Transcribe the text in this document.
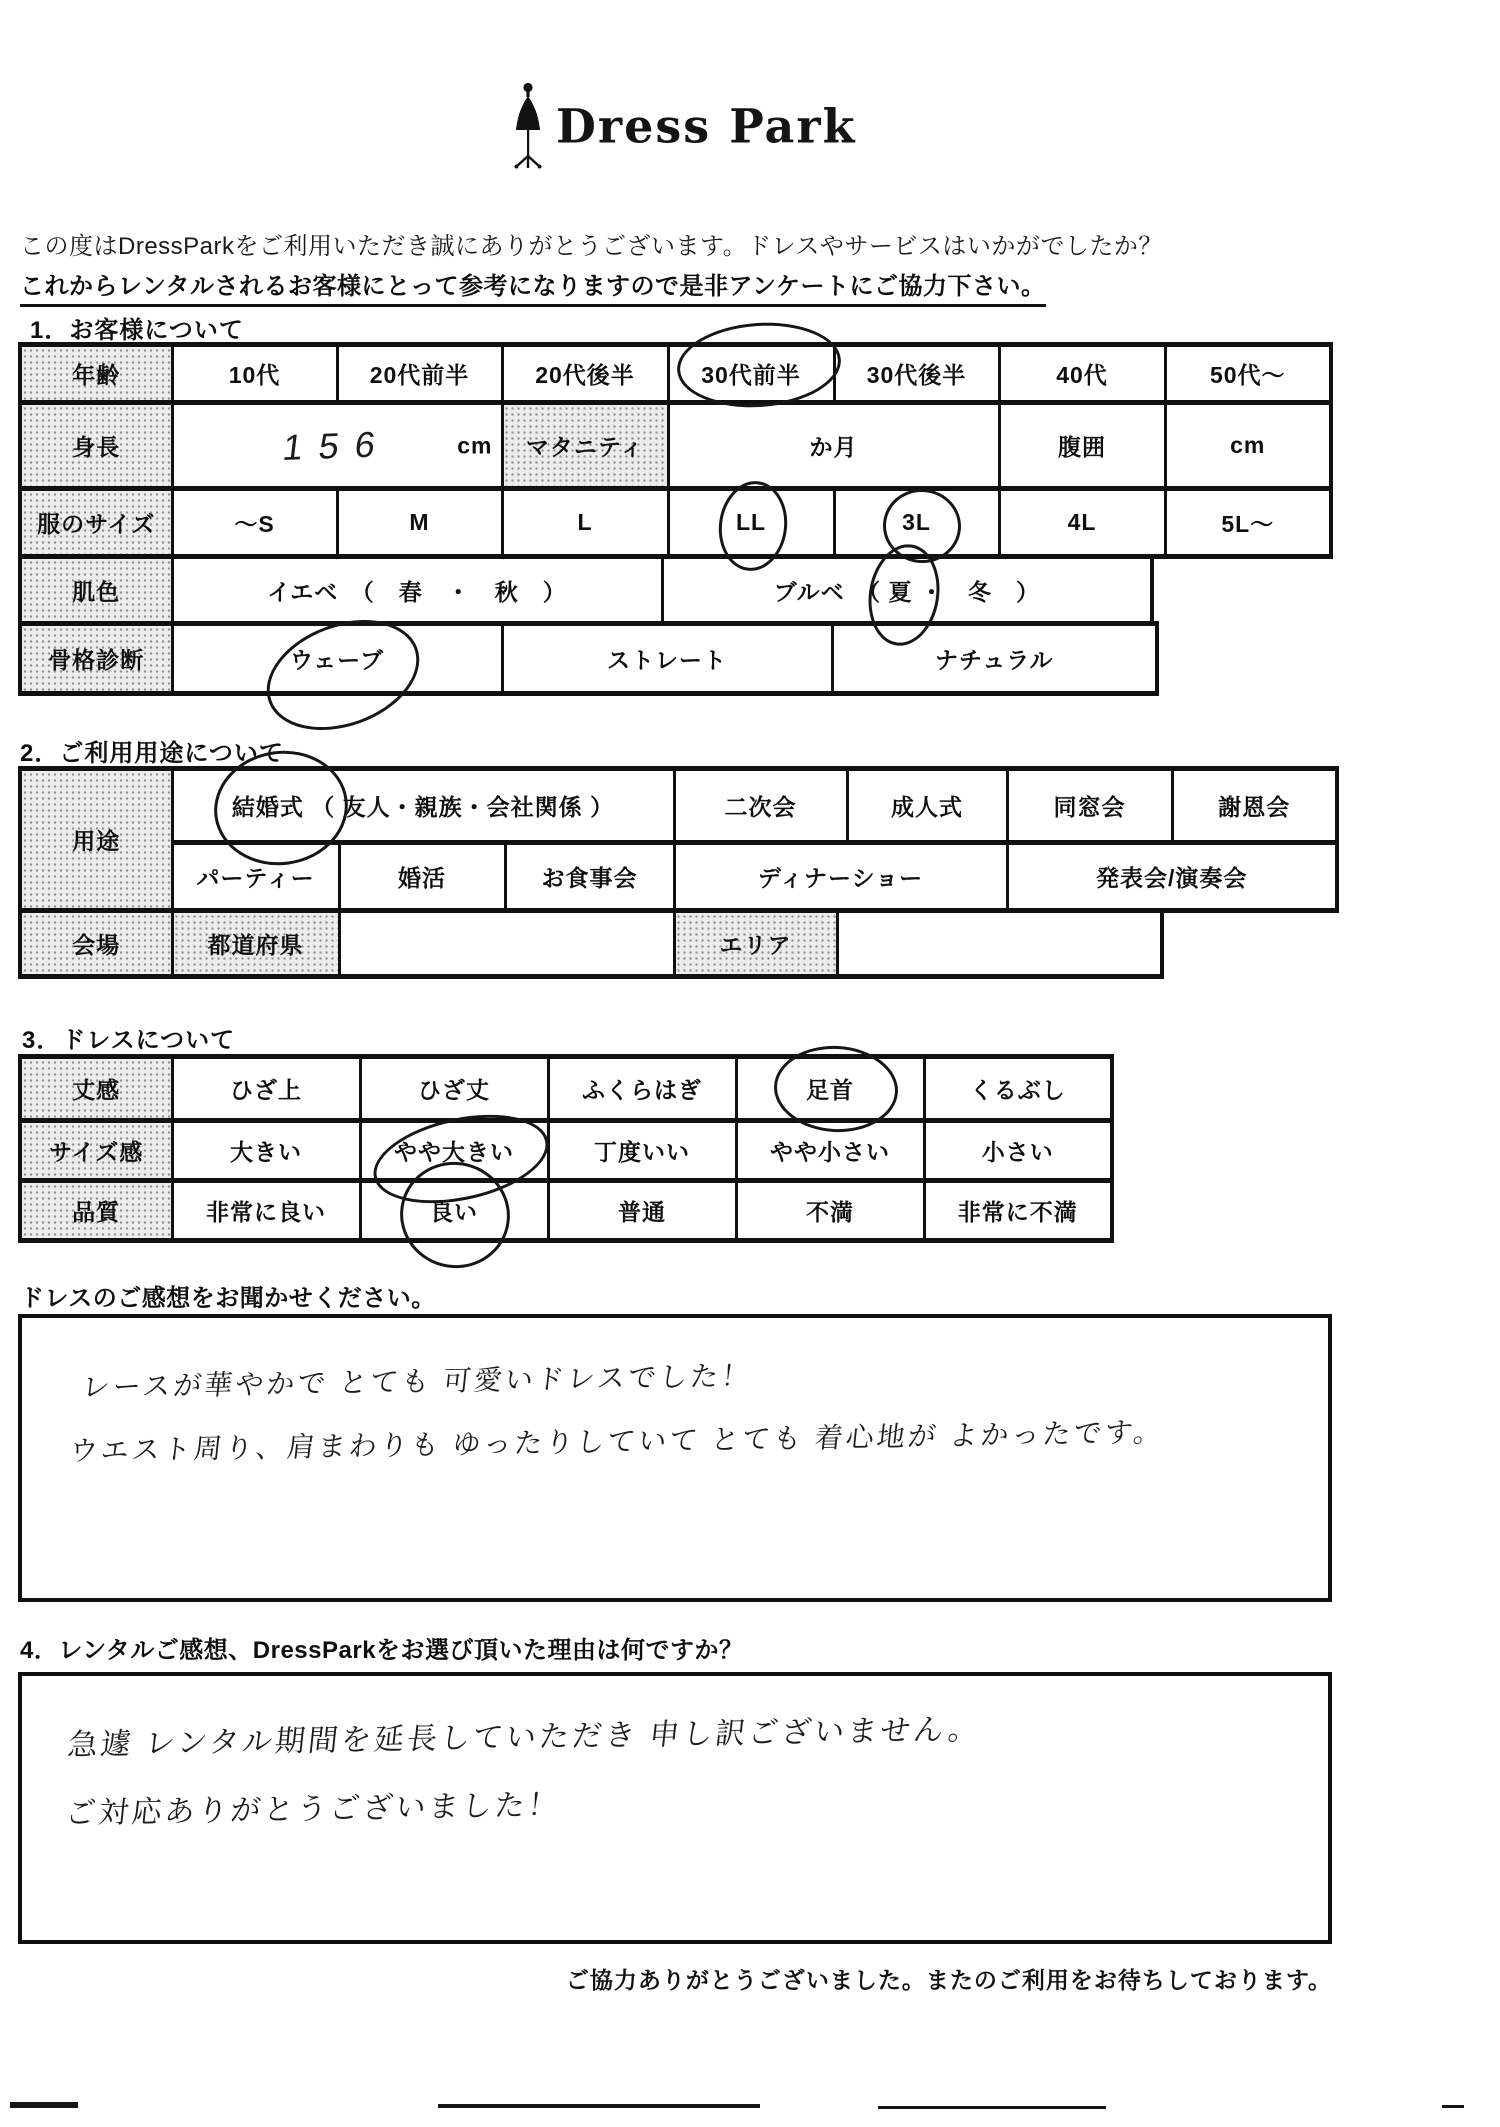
Dress Park
この度はDressParkをご利用いただき誠にありがとうございます。ドレスやサービスはいかがでしたか？
これからレンタルされるお客様にとって参考になりますので是非アンケートにご協力下さい。
1．お客様について
年齢	10代	20代前半	20代後半	30代前半	30代後半	40代	50代～
身長	156 cm		マタニティ	か月		腹囲	cm
服のサイズ	～S	M	L	LL	3L	4L	5L～
肌色	イエベ　（　春　・　秋　）	ブルベ　（ 夏 ・　冬　）
骨格診断	ウェーブ	ストレート	ナチュラル
2．ご利用用途について
用途	結婚式 （ 友人・親族・会社関係 ）			二次会	成人式	同窓会	謝恩会
	パーティー	婚活	お食事会	ディナーショー		発表会/演奏会	
会場	都道府県		エリア	
3．ドレスについて
丈感	ひざ上	ひざ丈	ふくらはぎ	足首	くるぶし
サイズ感	大きい	やや大きい	丁度いい	やや小さい	小さい
品質	非常に良い	良い	普通	不満	非常に不満
ドレスのご感想をお聞かせください。
レースが華やかで とても 可愛いドレスでした！
ウエスト周り、肩まわりも ゆったりしていて とても 着心地が よかったです。
4．レンタルご感想、DressParkをお選び頂いた理由は何ですか？
急遽 レンタル期間を延長していただき 申し訳ございません。
ご対応ありがとうございました！
ご協力ありがとうございました。またのご利用をお待ちしております。
